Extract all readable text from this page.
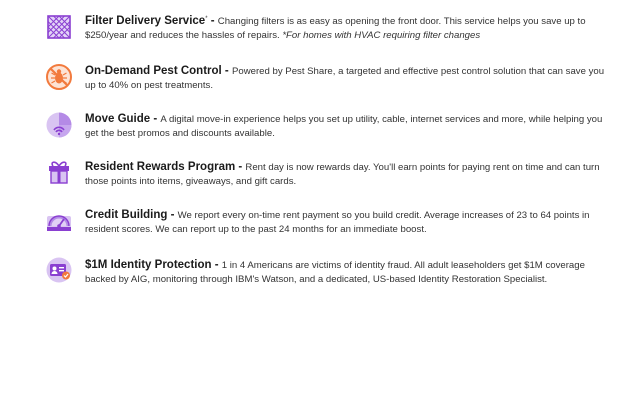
Filter Delivery Service* - Changing filters is as easy as opening the front door. This service helps you save up to $250/year and reduces the hassles of repairs. *For homes with HVAC requiring filter changes
On-Demand Pest Control - Powered by Pest Share, a targeted and effective pest control solution that can save you up to 40% on pest treatments.
Move Guide - A digital move-in experience helps you set up utility, cable, internet services and more, while helping you get the best promos and discounts available.
Resident Rewards Program - Rent day is now rewards day. You'll earn points for paying rent on time and can turn those points into items, giveaways, and gift cards.
Credit Building - We report every on-time rent payment so you build credit. Average increases of 23 to 64 points in resident scores. We can report up to the past 24 months for an immediate boost.
$1M Identity Protection - 1 in 4 Americans are victims of identity fraud. All adult leaseholders get $1M coverage backed by AIG, monitoring through IBM's Watson, and a dedicated, US-based Identity Restoration Specialist.
